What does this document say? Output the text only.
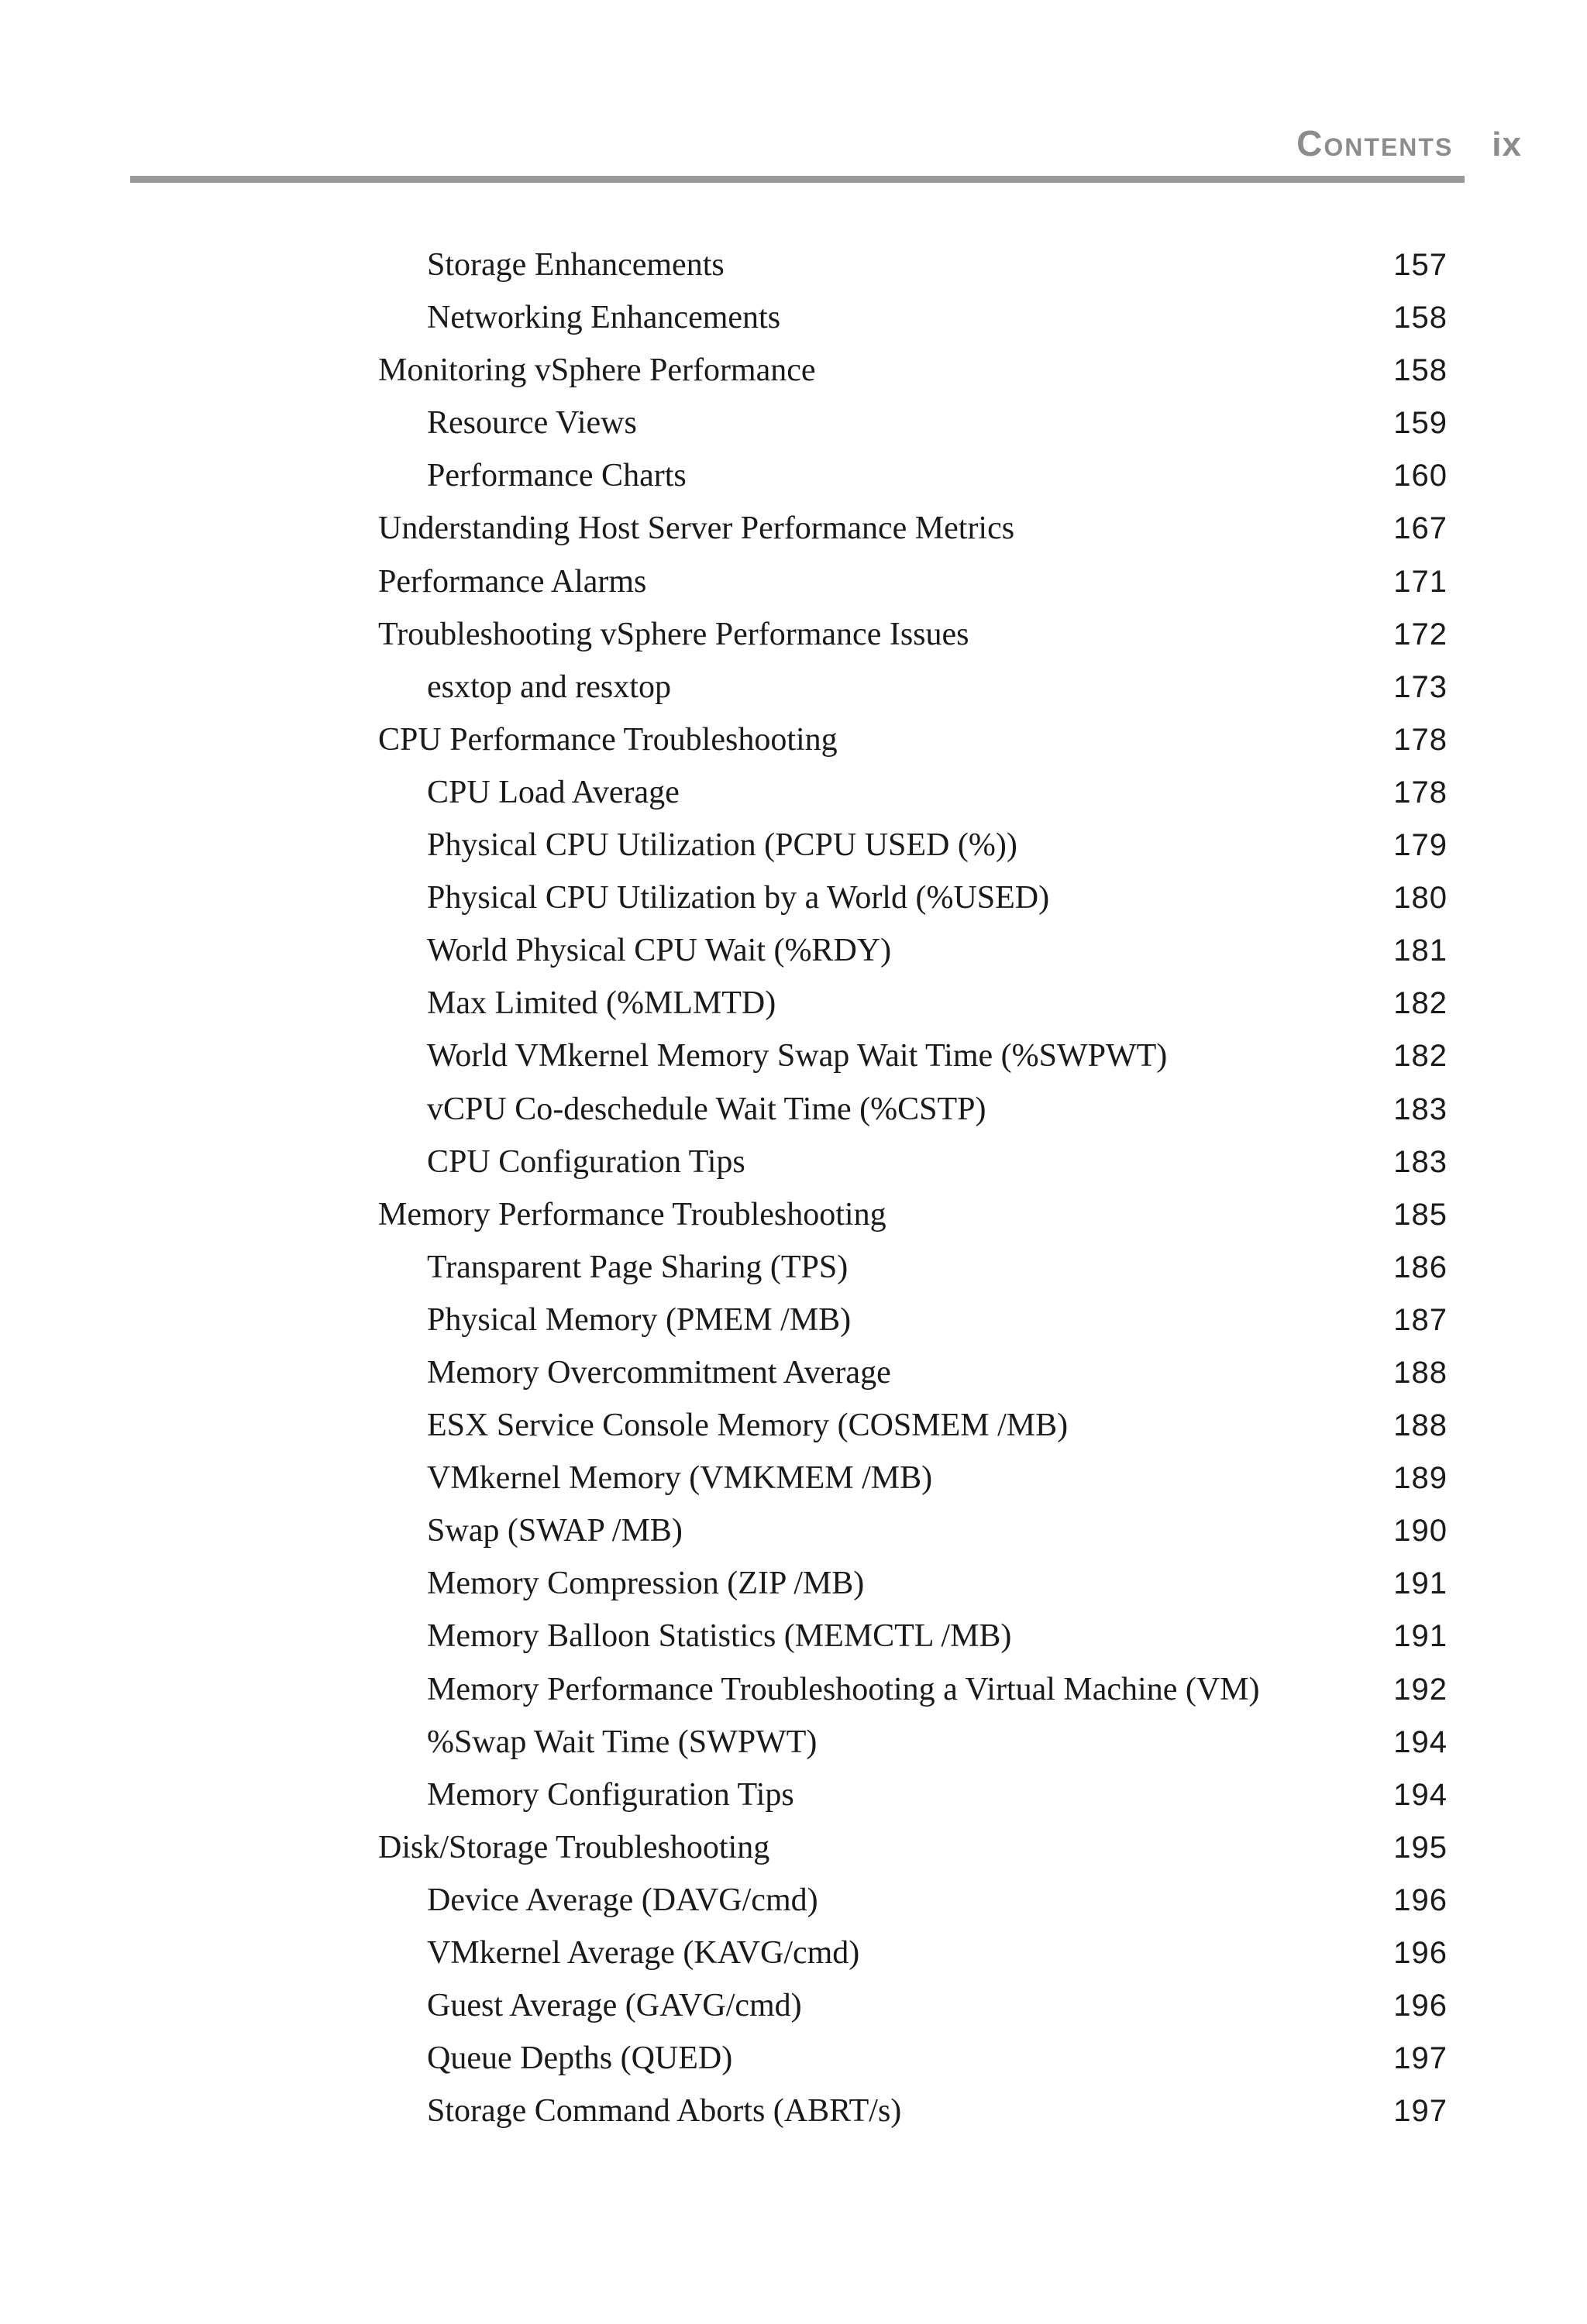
Contents ix
Storage Enhancements	157
Networking Enhancements	158
Monitoring vSphere Performance	158
Resource Views	159
Performance Charts	160
Understanding Host Server Performance Metrics	167
Performance Alarms	171
Troubleshooting vSphere Performance Issues	172
esxtop and resxtop	173
CPU Performance Troubleshooting	178
CPU Load Average	178
Physical CPU Utilization (PCPU USED (%))	179
Physical CPU Utilization by a World (%USED)	180
World Physical CPU Wait (%RDY)	181
Max Limited (%MLMTD)	182
World VMkernel Memory Swap Wait Time (%SWPWT)	182
vCPU Co-deschedule Wait Time (%CSTP)	183
CPU Configuration Tips	183
Memory Performance Troubleshooting	185
Transparent Page Sharing (TPS)	186
Physical Memory (PMEM /MB)	187
Memory Overcommitment Average	188
ESX Service Console Memory (COSMEM /MB)	188
VMkernel Memory (VMKMEM /MB)	189
Swap (SWAP /MB)	190
Memory Compression (ZIP /MB)	191
Memory Balloon Statistics (MEMCTL /MB)	191
Memory Performance Troubleshooting a Virtual Machine (VM)	192
%Swap Wait Time (SWPWT)	194
Memory Configuration Tips	194
Disk/Storage Troubleshooting	195
Device Average (DAVG/cmd)	196
VMkernel Average (KAVG/cmd)	196
Guest Average (GAVG/cmd)	196
Queue Depths (QUED)	197
Storage Command Aborts (ABRT/s)	197
